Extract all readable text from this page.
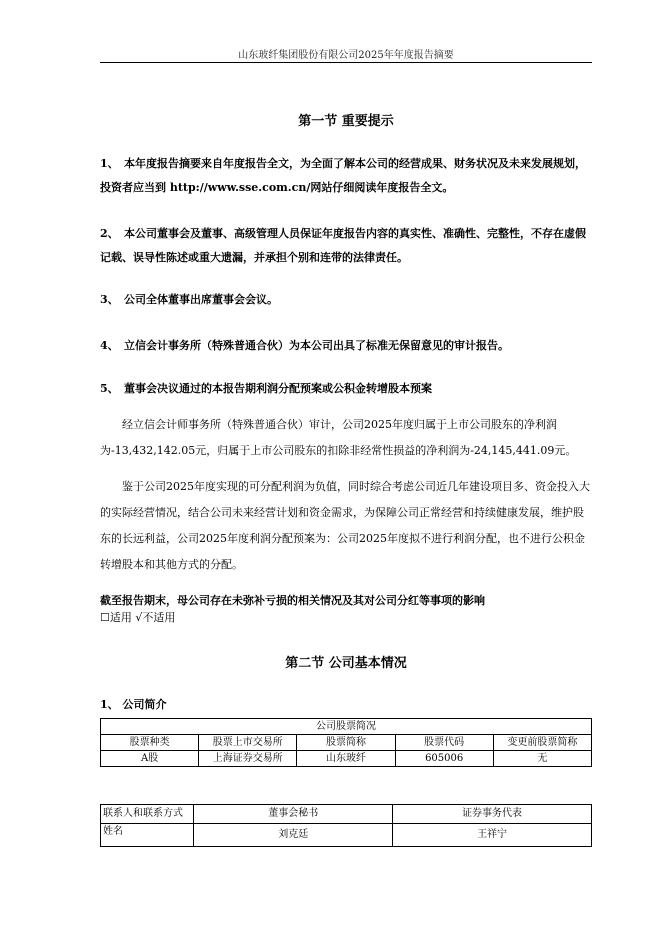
山东玻纤集团股份有限公司2025年年度报告摘要
第一节 重要提示
1、 本年度报告摘要来自年度报告全文，为全面了解本公司的经营成果、财务状况及未来发展规划，投资者应当到 http://www.sse.com.cn/网站仔细阅读年度报告全文。
2、 本公司董事会及董事、高级管理人员保证年度报告内容的真实性、准确性、完整性，不存在虚假记载、误导性陈述或重大遗漏，并承担个别和连带的法律责任。
3、 公司全体董事出席董事会会议。
4、 立信会计事务所（特殊普通合伙）为本公司出具了标准无保留意见的审计报告。
5、 董事会决议通过的本报告期利润分配预案或公积金转增股本预案
经立信会计师事务所（特殊普通合伙）审计，公司2025年度归属于上市公司股东的净利润为-13,432,142.05元，归属于上市公司股东的扣除非经常性损益的净利润为-24,145,441.09元。
鉴于公司2025年度实现的可分配利润为负值，同时综合考虑公司近几年建设项目多、资金投入大的实际经营情况，结合公司未来经营计划和资金需求，为保障公司正常经营和持续健康发展，维护股东的长远利益，公司2025年度利润分配预案为：公司2025年度拟不进行利润分配，也不进行公积金转增股本和其他方式的分配。
截至报告期末，母公司存在未弥补亏损的相关情况及其对公司分红等事项的影响
☐适用 √不适用
第二节 公司基本情况
1、 公司简介
公司股票简况				
股票种类	股票上市交易所	股票简称	股票代码	变更前股票简称
A股	上海证券交易所	山东玻纤	605006	无
联系人和联系方式	董事会秘书	证券事务代表
姓名	刘克廷	王祥宁
